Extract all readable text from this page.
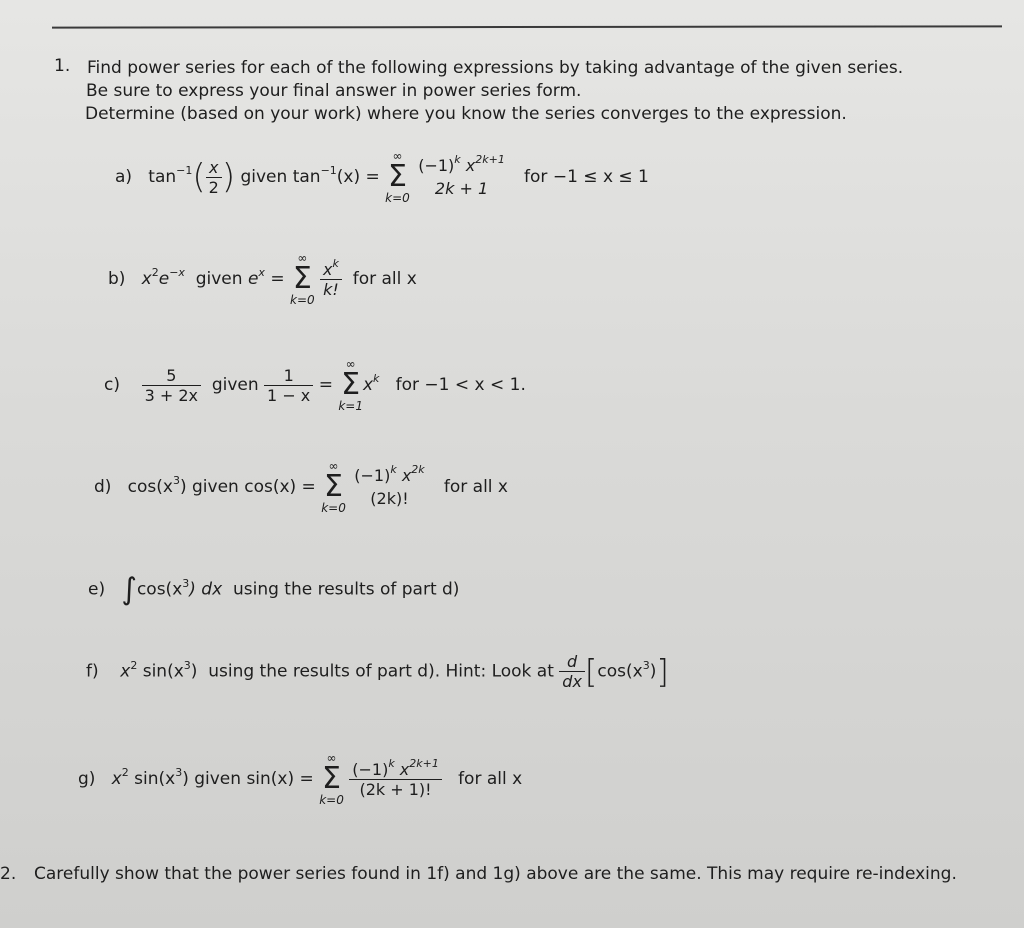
1. Find power series for each of the following expressions by taking advantage of the given series.
Be sure to express your final answer in power series form.
Determine (based on your work) where you know the series converges to the expression.
a) $\tan^{-1}( \frac{x}{2}$ ) given $\tan^{-1}(x)$ =
∞
Σ
k=0

$(-1)^k$ $x^{2k+1}$
2k + 1
for −1 ≤ x ≤ 1
b) $x^2e^{-x}$ given $e^x$ =
∞
Σ
k=0

$\frac{x^k}{k!}$ for all x
$c) \frac{5}{3 + 2x}$ given $\frac{1}{1 - x}$ =
∞
Σ
k=1
$x^k$ for −1 < x < 1.
d) $\cos(x^3)$ given cos(x) =
∞
Σ
k=0

$(-1)^k$ $x^{2k}$
(2k)!
for all x
e) $\int\cos(x^3)$ dx using the results of part d)
f) $x^2$ $\sin(x^3)$ using the results of part d). Hint: Look at $\frac{d}{dx} [\cos(x^3)]$
g) $x^2$ $\sin(x^3)$ given sin(x) =
∞
Σ
k=0

$\frac{(-1)^k x^{2k+1}}{(2k + 1)!}$ for all x
2. Carefully show that the power series found in 1f) and 1g) above are the same. This may require re-indexing.
